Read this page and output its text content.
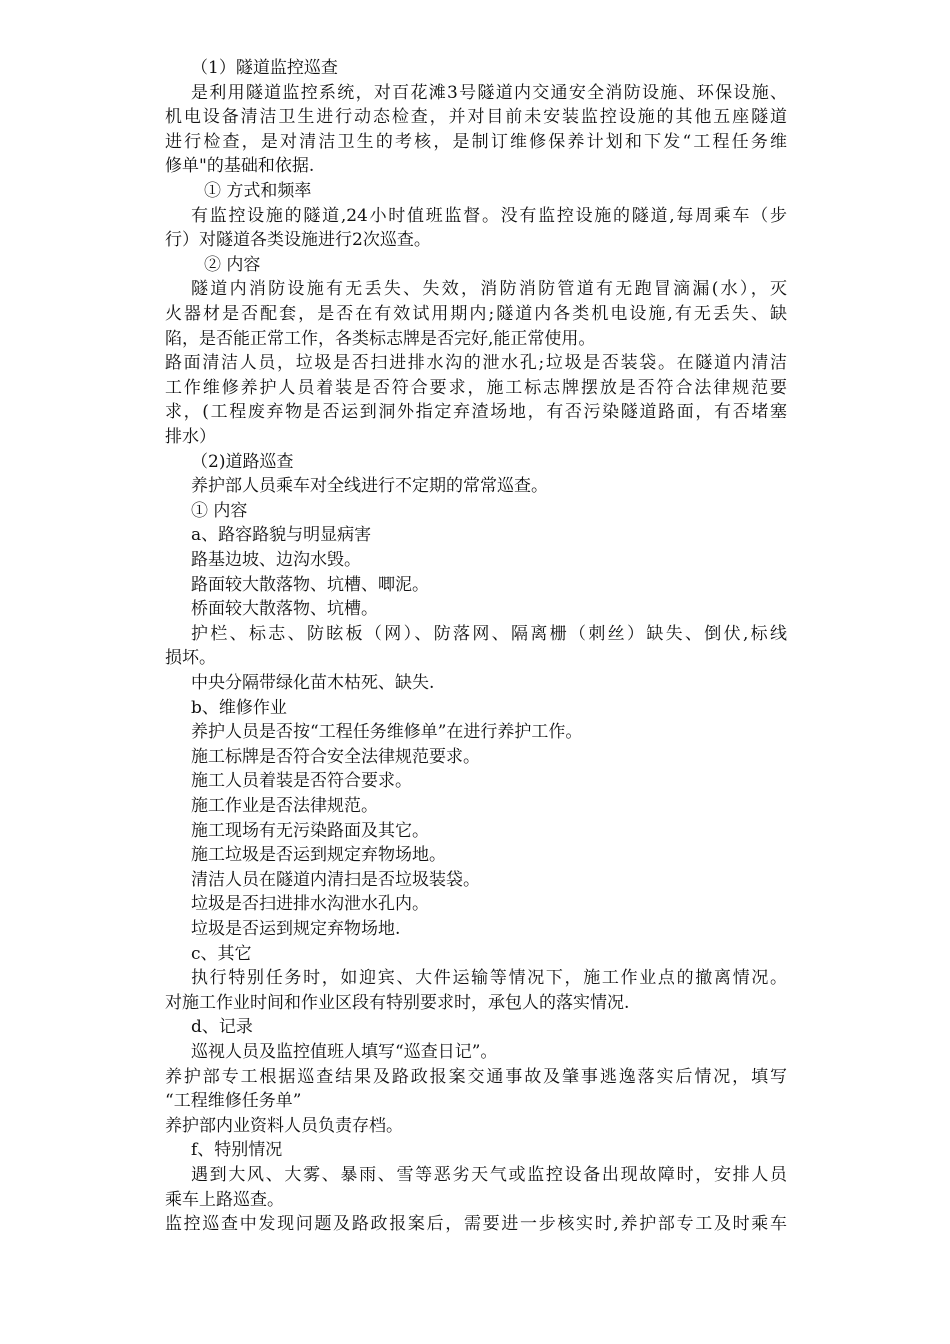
（1）隧道监控巡查

是利用隧道监控系统，对百花滩3号隧道内交通安全消防设施、环保设施、

机电设备清洁卫生进行动态检查，并对目前未安装监控设施的其他五座隧道

进行检查，是对清洁卫生的考核，是制订维修保养计划和下发“工程任务维

修单"的基础和依据.

① 方式和频率

有监控设施的隧道,24小时值班监督。没有监控设施的隧道,每周乘车（步

行）对隧道各类设施进行2次巡查。

② 内容

隧道内消防设施有无丢失、失效，消防消防管道有无跑冒滴漏(水），灭

火器材是否配套，是否在有效试用期内;隧道内各类机电设施,有无丢失、缺

陷，是否能正常工作，各类标志牌是否完好,能正常使用。

路面清洁人员，垃圾是否扫进排水沟的泄水孔;垃圾是否装袋。在隧道内清洁

工作维修养护人员着装是否符合要求，施工标志牌摆放是否符合法律规范要

求，(工程废弃物是否运到洞外指定弃渣场地，有否污染隧道路面，有否堵塞

排水）

（2)道路巡查

养护部人员乘车对全线进行不定期的常常巡查。

① 内容

a、路容路貌与明显病害

路基边坡、边沟水毁。

路面较大散落物、坑槽、唧泥。

桥面较大散落物、坑槽。

护栏、标志、防眩板（网）、防落网、隔离栅（刺丝）缺失、倒伏,标线

损坏。

中央分隔带绿化苗木枯死、缺失.

b、维修作业

养护人员是否按“工程任务维修单”在进行养护工作。

施工标牌是否符合安全法律规范要求。

施工人员着装是否符合要求。

施工作业是否法律规范。

施工现场有无污染路面及其它。

施工垃圾是否运到规定弃物场地。

清洁人员在隧道内清扫是否垃圾装袋。

垃圾是否扫进排水沟泄水孔内。

垃圾是否运到规定弃物场地.

c、其它

执行特别任务时，如迎宾、大件运输等情况下，施工作业点的撤离情况。

对施工作业时间和作业区段有特别要求时，承包人的落实情况.

d、记录

巡视人员及监控值班人填写“巡查日记”。

养护部专工根据巡查结果及路政报案交通事故及肇事逃逸落实后情况，填写

“工程维修任务单”

养护部内业资料人员负责存档。

f、特别情况

遇到大风、大雾、暴雨、雪等恶劣天气或监控设备出现故障时，安排人员

乘车上路巡查。

监控巡查中发现问题及路政报案后，需要进一步核实时,养护部专工及时乘车
